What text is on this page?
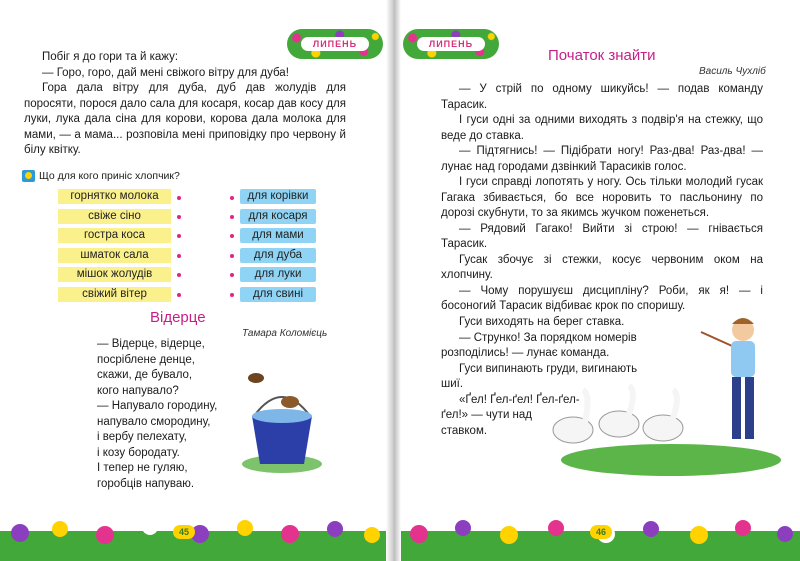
ЛИПЕНЬ

Побіг я до гори та й кажу:

— Горо, горо, дай мені свіжого вітру для дуба!

Гора дала вітру для дуба, дуб дав жолудів для поросяти, порося дало сала для косаря, косар дав косу для луки, лука дала сіна для корови, корова дала молока для мами, — а мама... розповіла мені приповідку про червону й білу квітку.

Що для кого приніс хлопчик?
горнятко молока
свіже сіно
гостра коса
шматок сала
мішок жолудів
свіжий вітер
для корівки
для косаря
для мами
для дуба
для луки
для свині
Відерце
Тамара Коломієць

— Відерце, відерце,

посріблене денце,

скажи, де бувало,

кого напувало?

— Напувало городину,

напувало смородину,

і вербу пелехату,

і козу бородату.

І тепер не гуляю,

горобців напуваю.

45
ЛИПЕНЬ
Початок знайти
Василь Чухліб

— У стрій по одному шикуйсь! — подав команду Тарасик.

І гуси одні за одними виходять з подвір'я на стежку, що веде до ставка.

— Підтягнись! — Підібрати ногу! Раз-два! Раз-два! — лунає над городами дзвінкий Тарасиків голос.

І гуси справді лопотять у ногу. Ось тільки молодий гусак Гагака збивається, бо все норовить то пасльонину по дорозі скубнути, то за якимсь жучком поженеться.

— Рядовий Гагако! Вийти зі строю! — гнівається Тарасик.

Гусак збочує зі стежки, косує червоним оком на хлопчину.

— Чому порушуєш дисципліну? Роби, як я! — і босоногий Тарасик відбиває крок по споришу.

Гуси виходять на берег ставка.

— Струнко! За порядком номерів розподілись! — лунає команда.

Гуси випинають груди, вигинають шиї.

«Ґел! Ґел-ґел! Ґел-ґел-ґел!» — чути над ставком.

46
